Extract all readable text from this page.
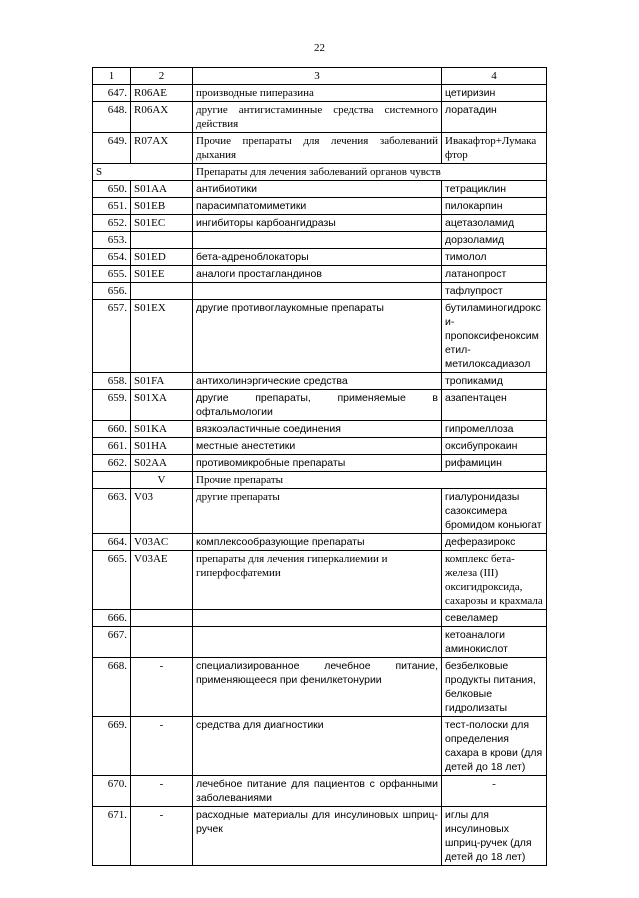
22
1	2	3	4
647.	R06AE	производные пиперазина	цетиризин
648.	R06AX	другие антигистаминные средства системного действия	лоратадин
649.	R07AX	Прочие препараты для лечения заболеваний дыхания	Ивакафтор+Лумакафтор
S		Препараты для лечения заболеваний органов чувств	
650.	S01AA	антибиотики	тетрациклин
651.	S01EB	парасимпатомиметики	пилокарпин
652.	S01EC	ингибиторы карбоангидразы	ацетазоламид
653.			дорзоламид
654.	S01ED	бета-адреноблокаторы	тимолол
655.	S01EE	аналоги простагландинов	латанопрост
656.			тафлупрост
657.	S01EX	другие противоглаукомные препараты	бутиламиногидрокси-пропоксифеноксиметил-метилоксадиазол
658.	S01FA	антихолинэргические средства	тропикамид
659.	S01XA	другие препараты, применяемые в офтальмологии	азапентацен
660.	S01KA	вязкоэластичные соединения	гипромеллоза
661.	S01HA	местные анестетики	оксибупрокаин
662.	S02AA	противомикробные препараты	рифамицин
	V	Прочие препараты	
663.	V03	другие препараты	гиалуронидазы сазоксимера бромидом коньюгат
664.	V03AC	комплексообразующие препараты	деферазирокс
665.	V03AE	препараты для лечения гиперкалиемии и гиперфосфатемии	комплекс бета-железа (III) оксигидроксида, сахарозы и крахмала
666.			севеламер
667.			кетоаналоги аминокислот
668.	-	специализированное лечебное питание, применяющееся при фенилкетонурии	безбелковые продукты питания, белковые гидролизаты
669.	-	средства для диагностики	тест-полоски для определения сахара в крови (для детей до 18 лет)
670.	-	лечебное питание для пациентов с орфанными заболеваниями	-
671.	-	расходные материалы для инсулиновых шприц-ручек	иглы для инсулиновых шприц-ручек (для детей до 18 лет)
